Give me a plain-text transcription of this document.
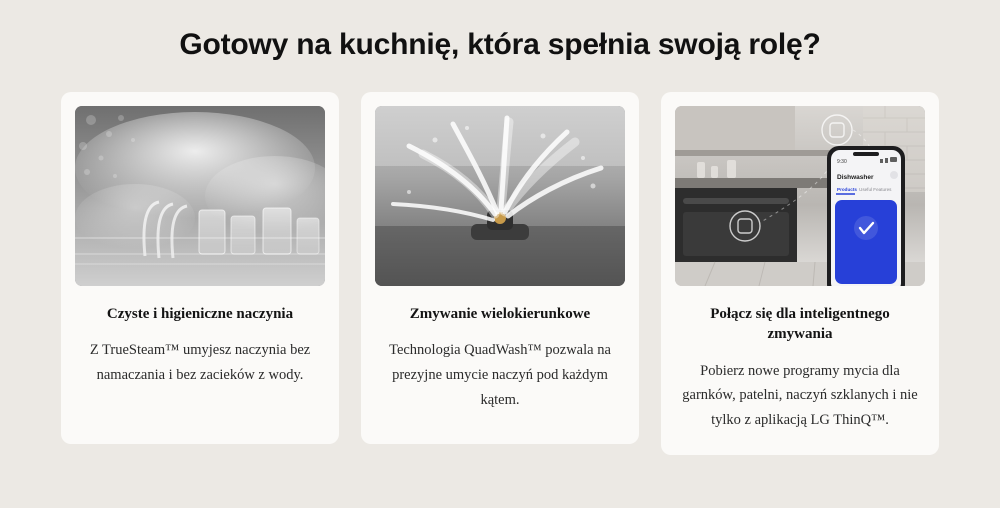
Gotowy na kuchnię, która spełnia swoją rolę?
Czyste i higieniczne naczynia
Z TrueSteam™ umyjesz naczynia bez namaczania i bez zacieków z wody.
Zmywanie wielokierunkowe
Technologia QuadWash™ pozwala na prezyjne umycie naczyń pod każdym kątem.
9:30
Dishwasher
Products Useful Features
Połącz się dla inteligentnego zmywania
Pobierz nowe programy mycia dla garnków, patelni, naczyń szklanych i nie tylko z aplikacją LG ThinQ™.
